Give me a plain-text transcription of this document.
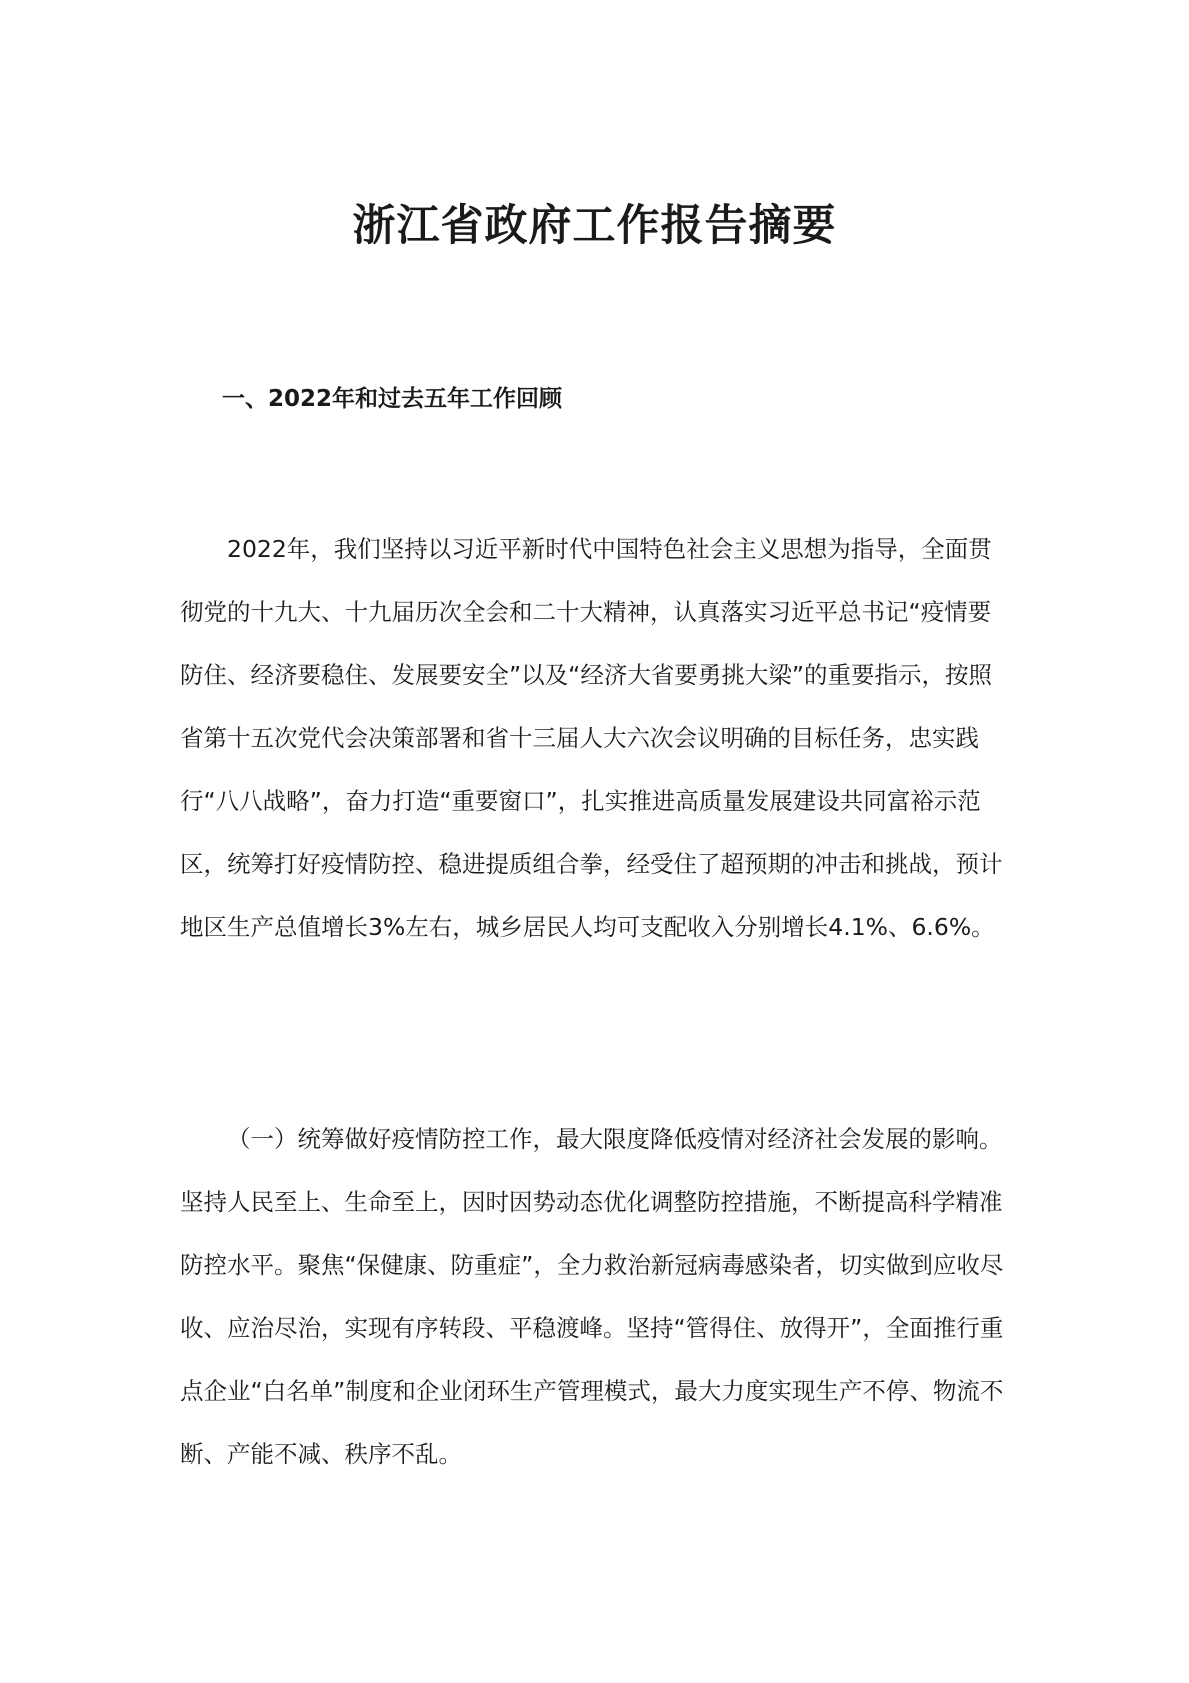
浙江省政府工作报告摘要
一、2022年和过去五年工作回顾

2022年，我们坚持以习近平新时代中国特色社会主义思想为指导，全面贯彻党的十九大、十九届历次全会和二十大精神，认真落实习近平总书记“疫情要防住、经济要稳住、发展要安全”以及“经济大省要勇挑大梁”的重要指示，按照省第十五次党代会决策部署和省十三届人大六次会议明确的目标任务，忠实践行“八八战略”，奋力打造“重要窗口”，扎实推进高质量发展建设共同富裕示范区，统筹打好疫情防控、稳进提质组合拳，经受住了超预期的冲击和挑战，预计地区生产总值增长3%左右，城乡居民人均可支配收入分别增长4.1%、6.6%。

（一）统筹做好疫情防控工作，最大限度降低疫情对经济社会发展的影响。坚持人民至上、生命至上，因时因势动态优化调整防控措施，不断提高科学精准防控水平。聚焦“保健康、防重症”，全力救治新冠病毒感染者，切实做到应收尽收、应治尽治，实现有序转段、平稳渡峰。坚持“管得住、放得开”，全面推行重点企业“白名单”制度和企业闭环生产管理模式，最大力度实现生产不停、物流不断、产能不减、秩序不乱。
